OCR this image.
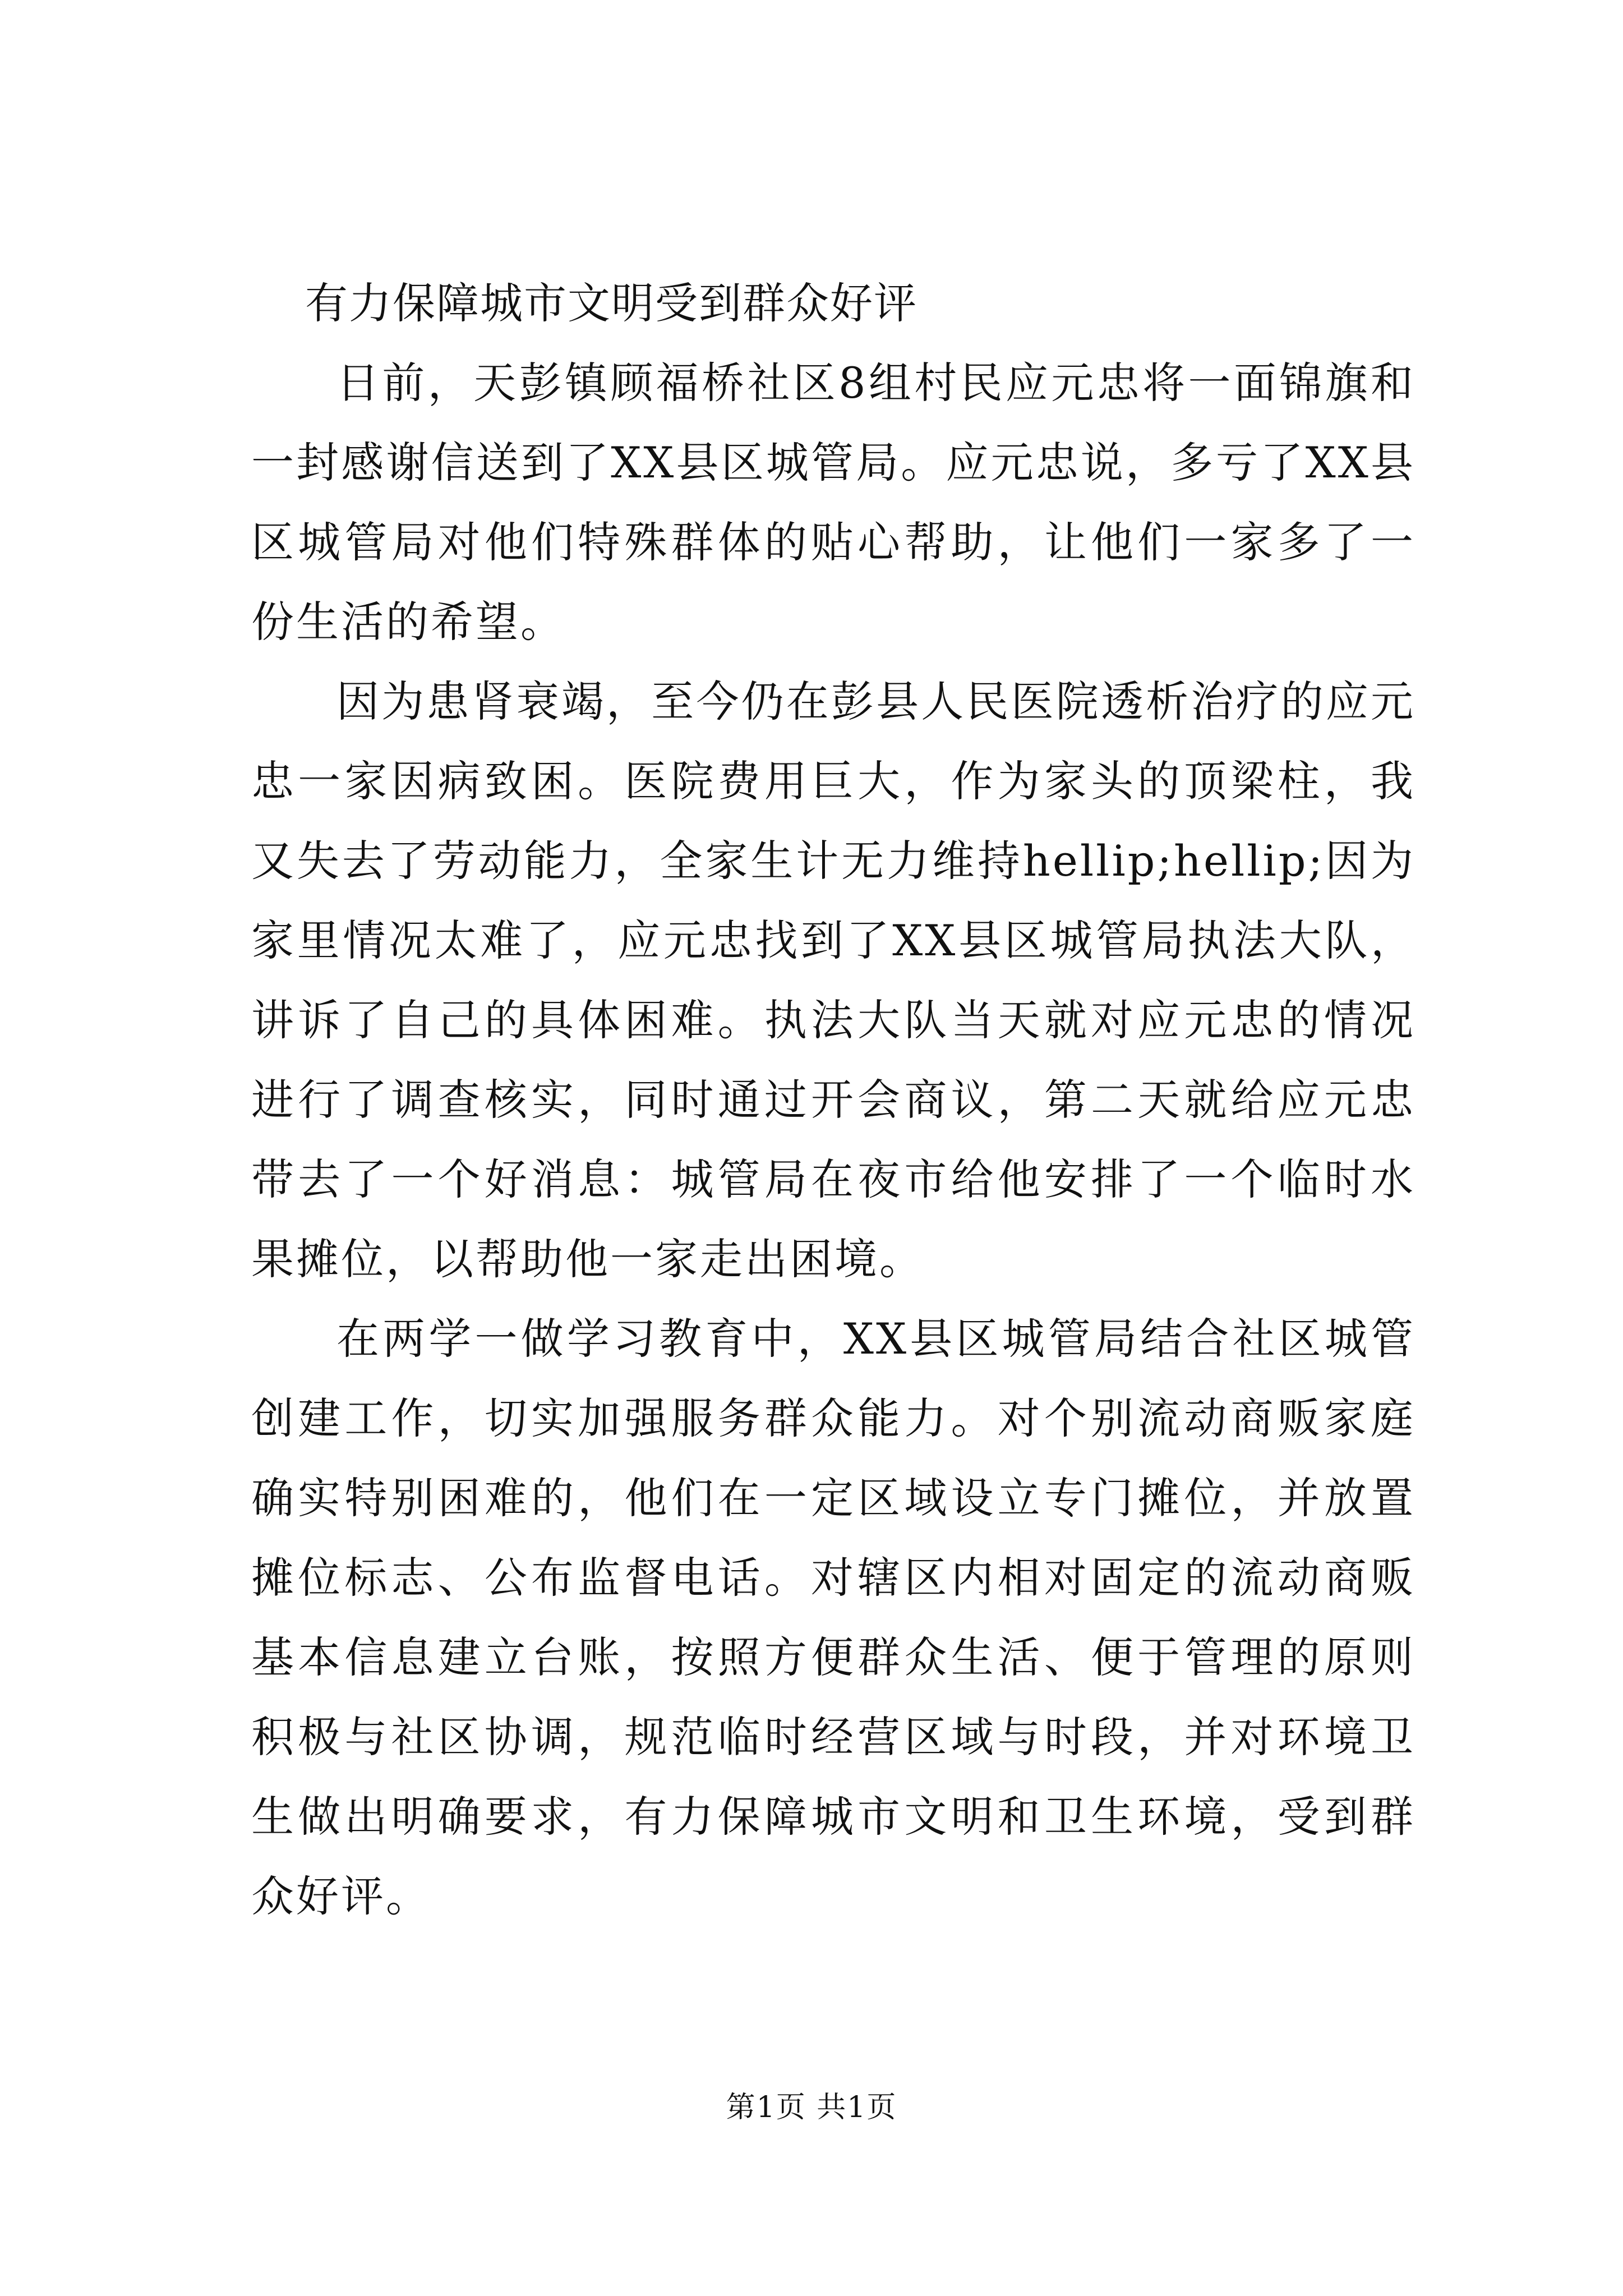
有力保障城市文明受到群众好评

日前，天彭镇顾福桥社区8组村民应元忠将一面锦旗和一封感谢信送到了XX县区城管局。应元忠说，多亏了XX县区城管局对他们特殊群体的贴心帮助，让他们一家多了一份生活的希望。

因为患肾衰竭，至今仍在彭县人民医院透析治疗的应元忠一家因病致困。医院费用巨大，作为家头的顶梁柱，我又失去了劳动能力，全家生计无力维持hellip;hellip;因为家里情况太难了，应元忠找到了XX县区城管局执法大队，讲诉了自己的具体困难。执法大队当天就对应元忠的情况进行了调查核实，同时通过开会商议，第二天就给应元忠带去了一个好消息：城管局在夜市给他安排了一个临时水果摊位，以帮助他一家走出困境。

在两学一做学习教育中，XX县区城管局结合社区城管创建工作，切实加强服务群众能力。对个别流动商贩家庭确实特别困难的，他们在一定区域设立专门摊位，并放置摊位标志、公布监督电话。对辖区内相对固定的流动商贩基本信息建立台账，按照方便群众生活、便于管理的原则积极与社区协调，规范临时经营区域与时段，并对环境卫生做出明确要求，有力保障城市文明和卫生环境，受到群众好评。

第1页 共1页
